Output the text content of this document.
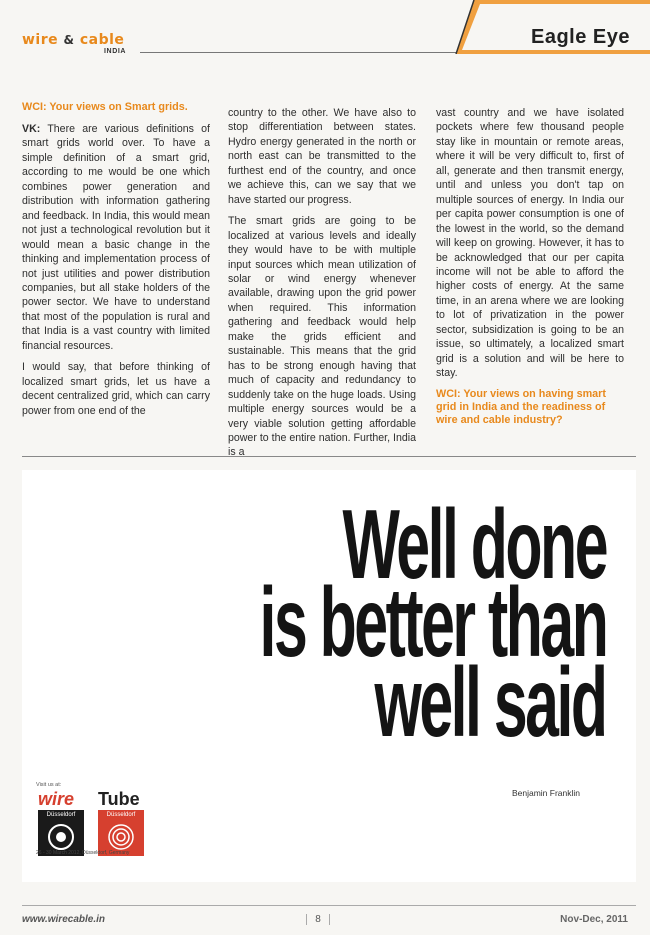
wire & cable
INDIA
Eagle Eye

WCI: Your views on Smart grids.

VK: There are various definitions of smart grids world over. To have a simple definition of a smart grid, according to me would be one which combines power generation and distribution with information gathering and feedback. In India, this would mean not just a technological revolution but it would mean a basic change in the thinking and implementation process of not just utilities and power distribution companies, but all stake holders of the power sector. We have to understand that most of the population is rural and that India is a vast country with limited financial resources.

I would say, that before thinking of localized smart grids, let us have a decent centralized grid, which can carry power from one end of the

country to the other. We have also to stop differentiation between states. Hydro energy generated in the north or north east can be transmitted to the furthest end of the country, and once we achieve this, can we say that we have started our progress.

The smart grids are going to be localized at various levels and ideally they would have to be with multiple input sources which mean utilization of solar or wind energy whenever available, drawing upon the grid power when required. This information gathering and feedback would help make the grids efficient and sustainable. This means that the grid has to be strong enough having that much of capacity and redundancy to suddenly take on the huge loads. Using multiple energy sources would be a very viable solution getting affordable power to the entire nation. Further, India is a

vast country and we have isolated pockets where few thousand people stay like in mountain or remote areas, where it will be very difficult to, first of all, generate and then transmit energy, until and unless you don't tap on multiple sources of energy. In India our per capita power consumption is one of the lowest in the world, so the demand will keep on growing. However, it has to be acknowledged that our per capita income will not be able to afford the higher costs of energy. At the same time, in an arena where we are looking to lot of privatization in the power sector, subsidization is going to be an issue, so ultimately, a localized smart grid is a solution and will be here to stay.

WCI: Your views on having smart grid in India and the readiness of wire and cable industry?

Well done
is better than
well said
Benjamin Franklin
Visit us at:
wire
Düsseldorf
Tube
Düsseldorf
26 - 30 March 2012, Düsseldorf, Germany
www.wirecable.in	8	Nov-Dec, 2011
